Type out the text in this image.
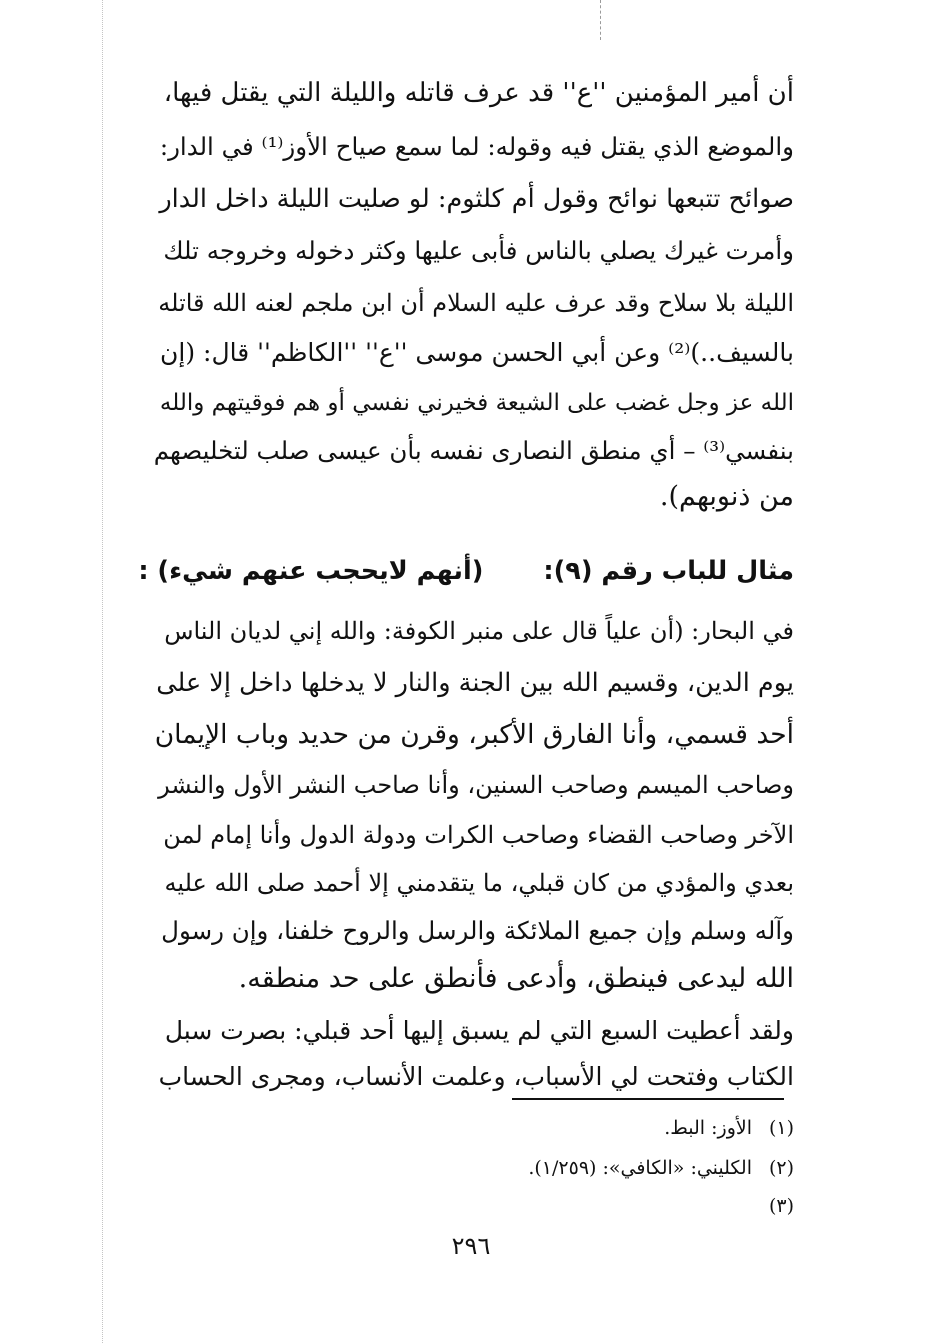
أن أمير المؤمنين ''ع'' قد عرف قاتله والليلة التي يقتل فيها،
والموضع الذي يقتل فيه وقوله: لما سمع صياح الأوز⁽¹⁾ في الدار:
صوائح تتبعها نوائح وقول أم كلثوم: لو صليت الليلة داخل الدار
وأمرت غيرك يصلي بالناس فأبى عليها وكثر دخوله وخروجه تلك
الليلة بلا سلاح وقد عرف عليه السلام أن ابن ملجم لعنه الله قاتله
بالسيف..)⁽²⁾ وعن أبي الحسن موسى ''ع'' ''الكاظم'' قال: (إن
الله عز وجل غضب على الشيعة فخيرني نفسي أو هم فوقيتهم والله
بنفسي⁽³⁾ – أي منطق النصارى نفسه بأن عيسى صلب لتخليصهم
من ذنوبهم).
مثال للباب رقم (٩):(أنهم لايحجب عنهم شيء) :
في البحار: (أن علياً قال على منبر الكوفة: والله إني لديان الناس
يوم الدين، وقسيم الله بين الجنة والنار لا يدخلها داخل إلا على
أحد قسمي، وأنا الفارق الأكبر، وقرن من حديد وباب الإيمان
وصاحب الميسم وصاحب السنين، وأنا صاحب النشر الأول والنشر
الآخر وصاحب القضاء وصاحب الكرات ودولة الدول وأنا إمام لمن
بعدي والمؤدي من كان قبلي، ما يتقدمني إلا أحمد صلى الله عليه
وآله وسلم وإن جميع الملائكة والرسل والروح خلفنا، وإن رسول
الله ليدعى فينطق، وأدعى فأنطق على حد منطقه.
ولقد أعطيت السبع التي لم يسبق إليها أحد قبلي: بصرت سبل
الكتاب وفتحت لي الأسباب، وعلمت الأنساب، ومجرى الحساب
(١)الأوز: البط.
(٢)الكليني: «الكافي»: (١/٢٥٩).
(٣)
٢٩٦
